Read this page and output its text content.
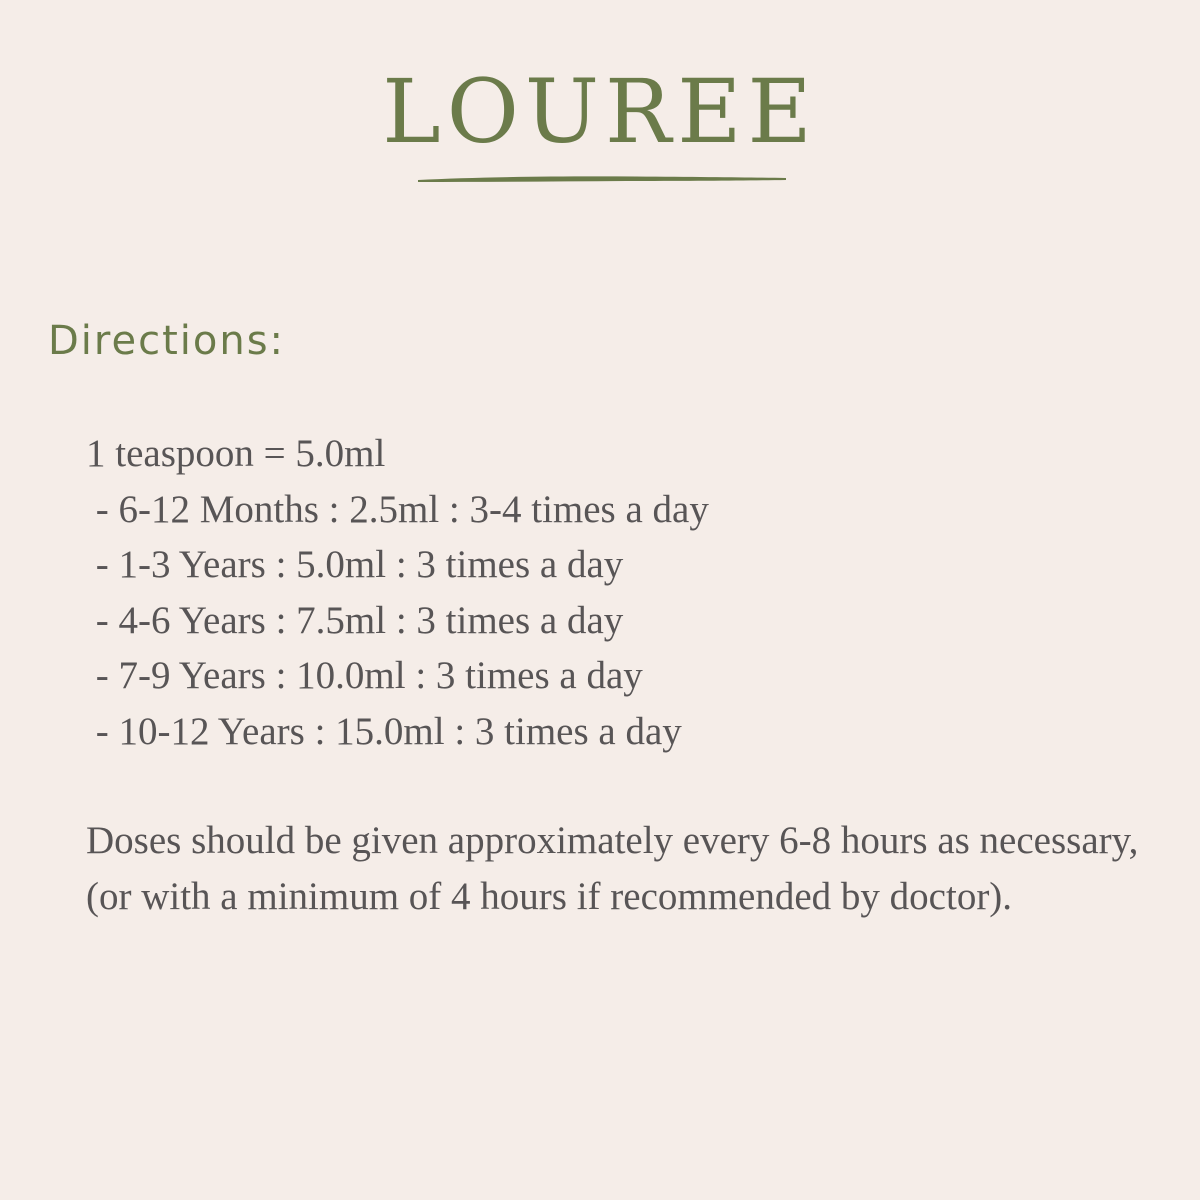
LOUREE
Directions:
1 teaspoon = 5.0ml
- 6-12 Months : 2.5ml : 3-4 times a day
- 1-3 Years : 5.0ml : 3 times a day
- 4-6 Years : 7.5ml : 3 times a day
- 7-9 Years : 10.0ml : 3 times a day
- 10-12 Years : 15.0ml : 3 times a day

Doses should be given approximately every 6-8 hours as necessary, (or with a minimum of 4 hours if recommended by doctor).
